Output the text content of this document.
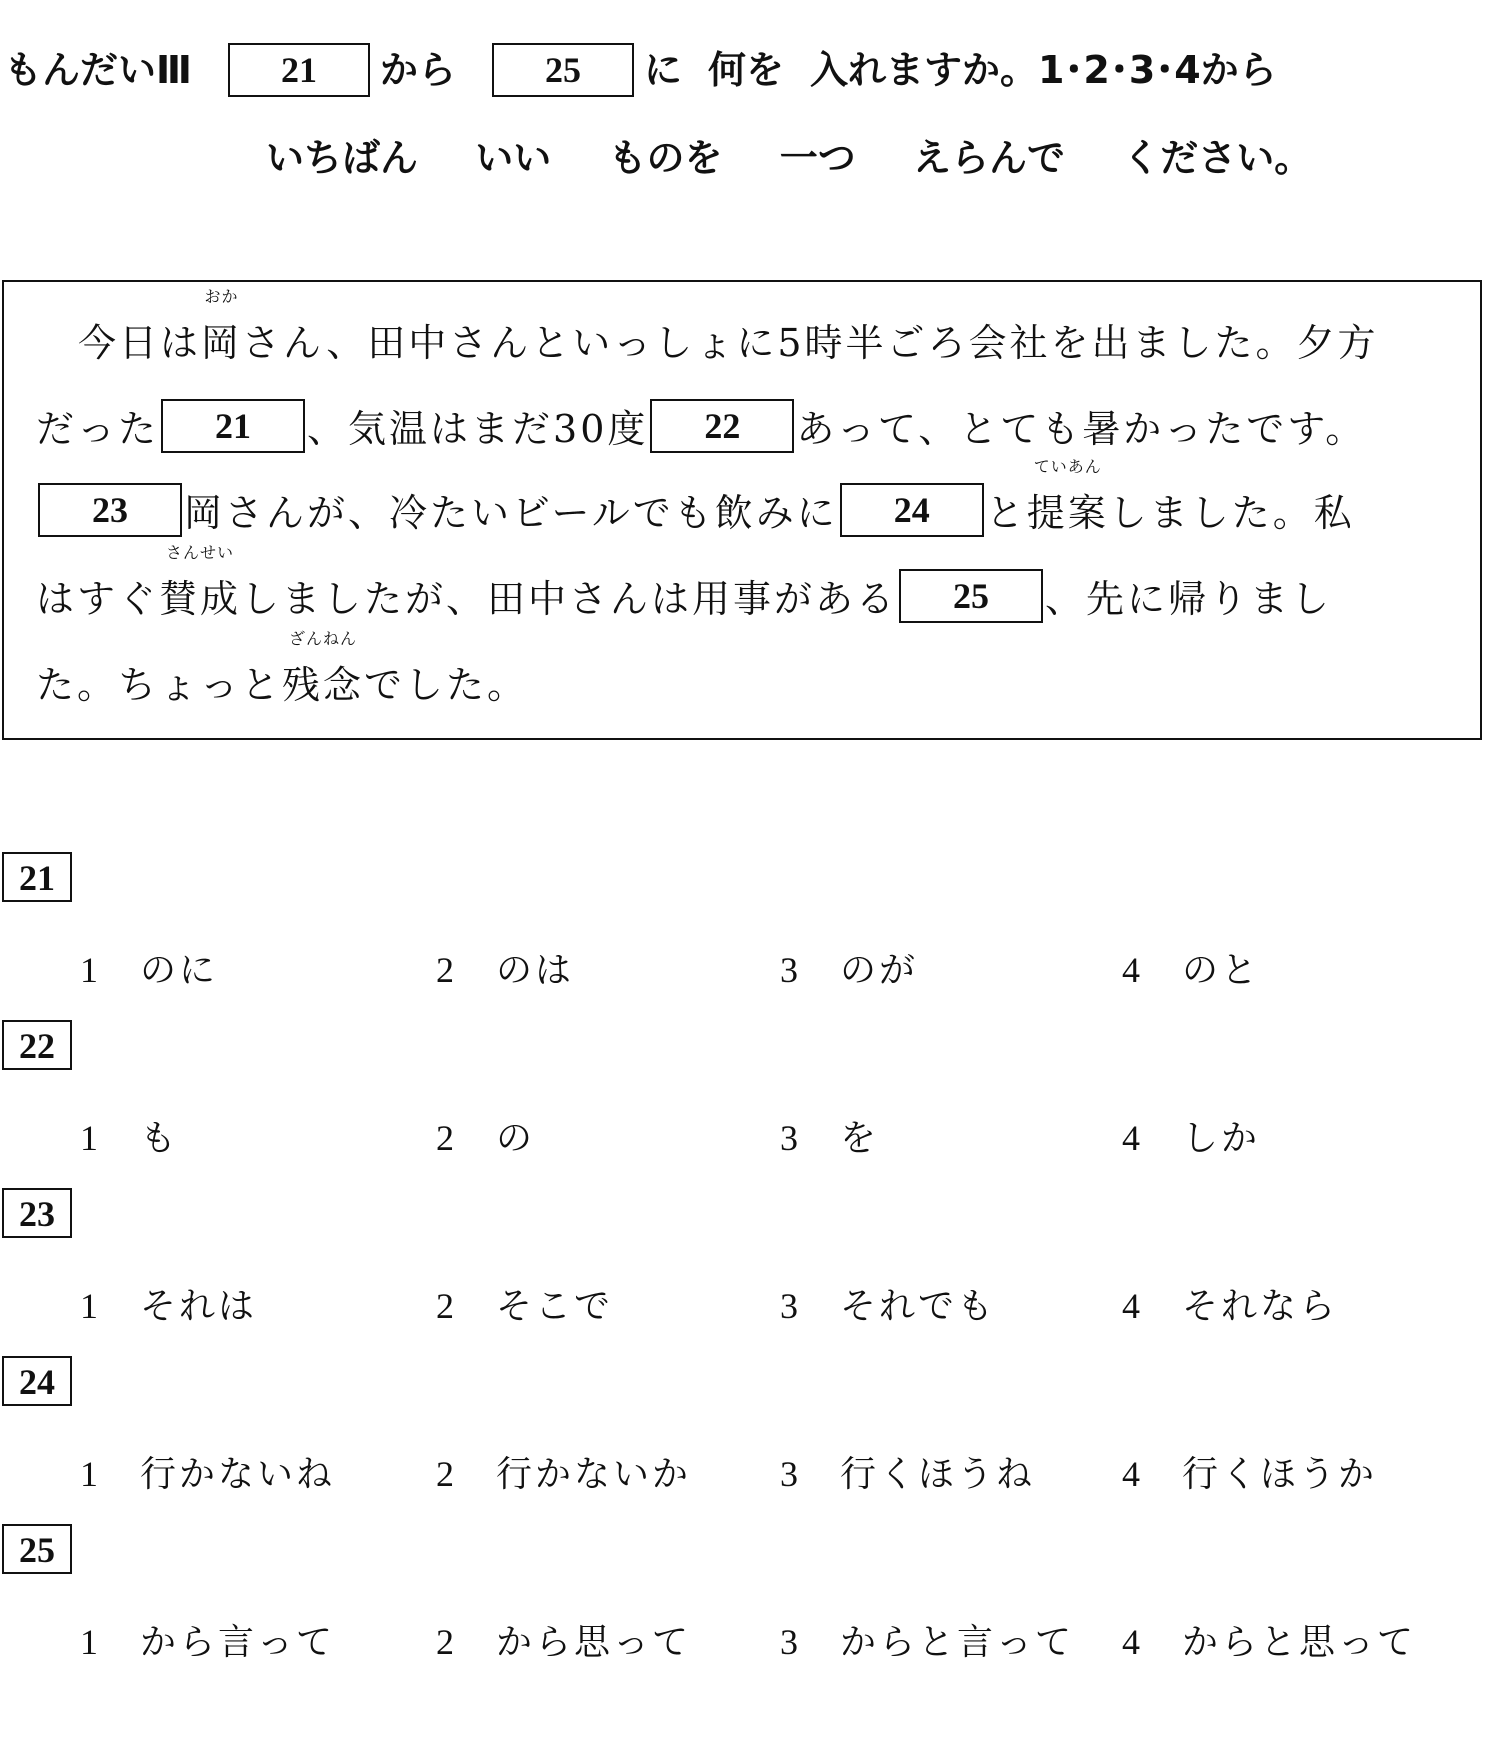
もんだいⅢ	21	から	25	に 何を 入れますか。1･2･3･4から
いちばん いい ものを 一つ えらんで ください。
今日は 岡
おか
さん、田中さんといっしょに5時半ごろ会社を出ました。夕方
だった	21	、気温はまだ30度	22	あって、とても暑かったです。
23	岡さんが、冷たいビールでも飲みに	24	と 提案
ていあん
しました。私
はすぐ 賛成
さんせい
しましたが、田中さんは用事がある	25	、先に帰りまし
た。ちょっと 残念
ざんねん
でした。
21
1 のに	2 のは	3 のが	4 のと
22
1 も	2 の	3 を	4 しか
23
1 それは	2 そこで	3 それでも	4 それなら
24
1 行かないね	2 行かないか 3 行くほうね 4 行くほうか
25
1 から言って	2 から思って 3 からと言って 4 からと思って
